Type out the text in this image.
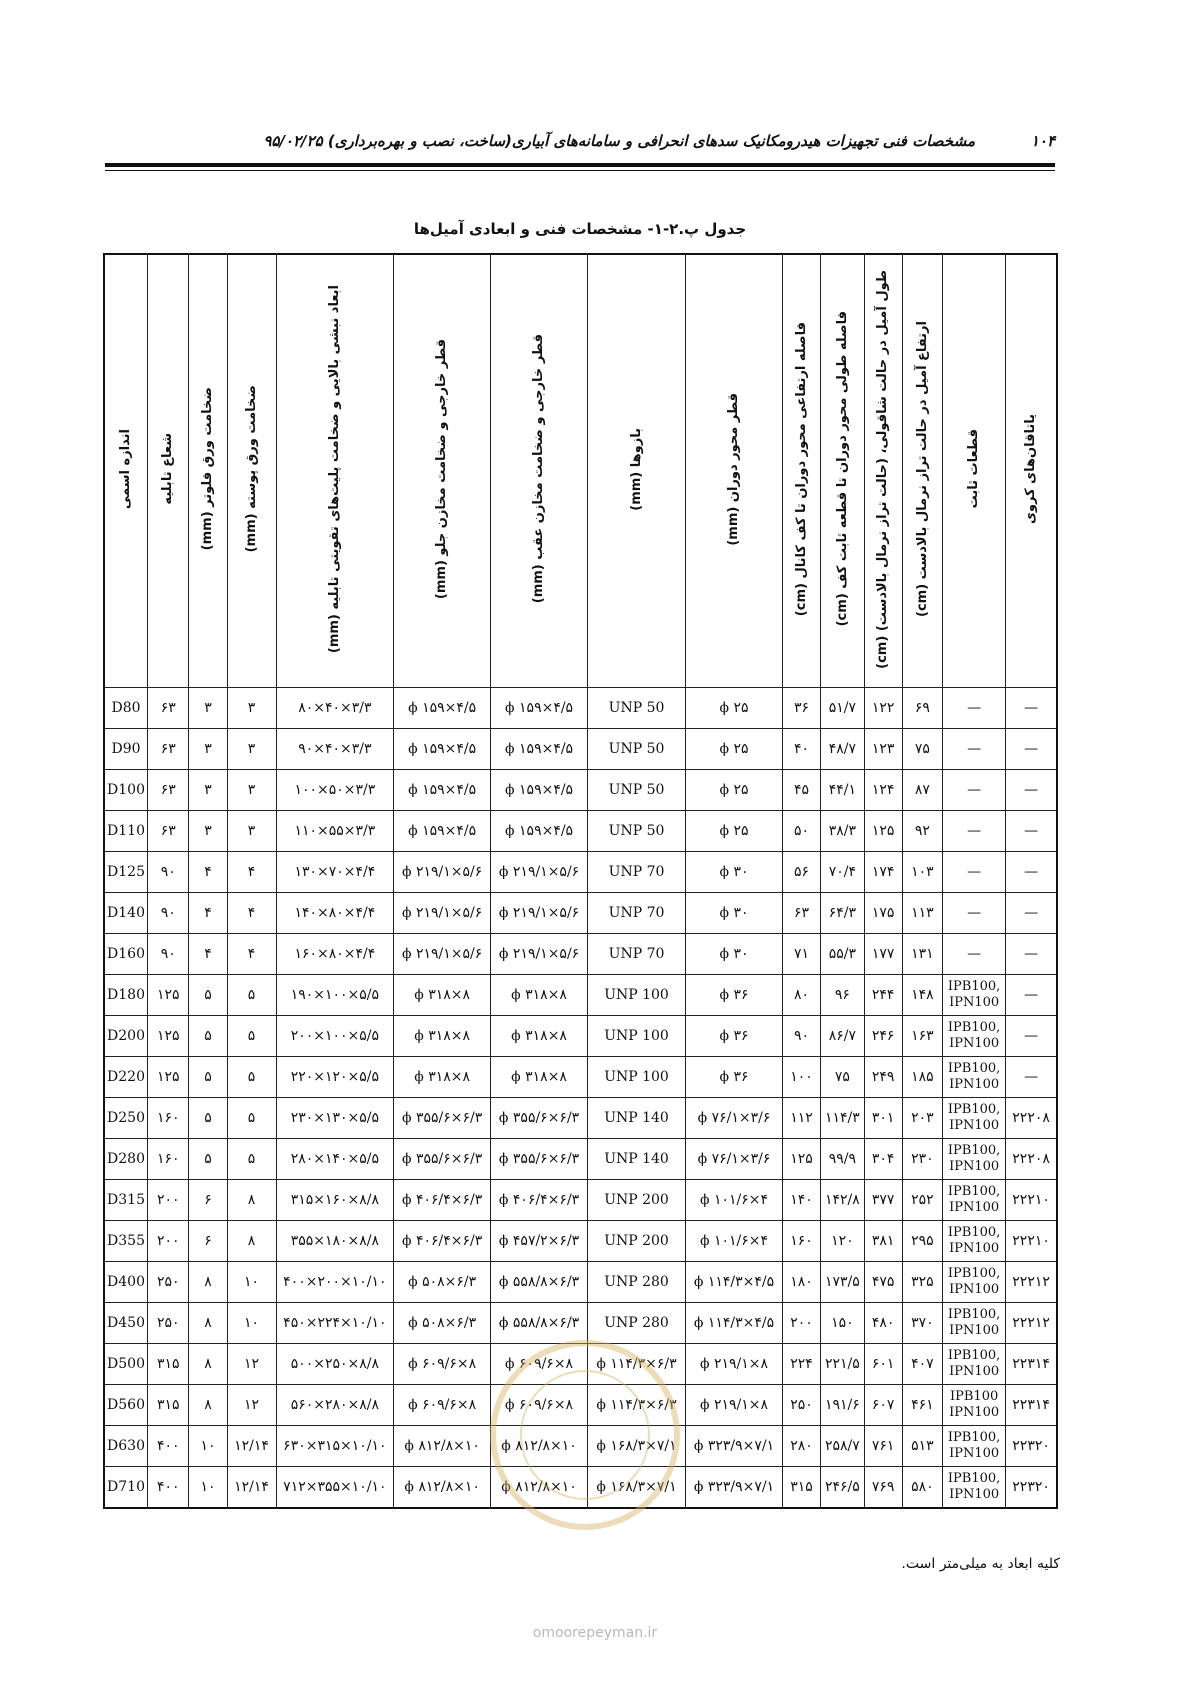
۱۰۴
مشخصات فنی تجهیزات هیدرومکانیک سدهای انحرافی و سامانه‌های آبیاری(ساخت، نصب و بهره‌برداری) ۹۵/۰۲/۲۵
جدول پ.۲-۱- مشخصات فنی و ابعادی آمیل‌ها
اندازه اسمی	شعاع تابلیه	ضخامت ورق فلوتر (mm)	ضخامت ورق پوسته (mm)	ابعاد نبشی بالایی و ضخامت پلیت‌های تقویتی تابلیه (mm)	قطر خارجی و ضخامت مخازن جلو (mm)	قطر خارجی و ضخامت مخازن عقب (mm)	بازوها (mm)	قطر محور دوران (mm)	فاصله ارتفاعی محور دوران تا کف کانال (cm)	فاصله طولی محور دوران تا قطعه ثابت کف (cm)	طول آمیل در حالت شاقولی، (حالت تراز نرمال بالادست) (cm)	ارتفاع آمیل در حالت تراز نرمال بالادست (cm)	قطعات ثابت	یاتاقان‌های کروی
D80	۶۳	۳	۳	۸۰×۴۰×۳/۳	ϕ ۱۵۹×۴/۵	ϕ ۱۵۹×۴/۵	UNP 50	ϕ ۲۵	۳۶	۵۱/۷	۱۲۲	۶۹	—	—
D90	۶۳	۳	۳	۹۰×۴۰×۳/۳	ϕ ۱۵۹×۴/۵	ϕ ۱۵۹×۴/۵	UNP 50	ϕ ۲۵	۴۰	۴۸/۷	۱۲۳	۷۵	—	—
D100	۶۳	۳	۳	۱۰۰×۵۰×۳/۳	ϕ ۱۵۹×۴/۵	ϕ ۱۵۹×۴/۵	UNP 50	ϕ ۲۵	۴۵	۴۴/۱	۱۲۴	۸۷	—	—
D110	۶۳	۳	۳	۱۱۰×۵۵×۳/۳	ϕ ۱۵۹×۴/۵	ϕ ۱۵۹×۴/۵	UNP 50	ϕ ۲۵	۵۰	۳۸/۳	۱۲۵	۹۲	—	—
D125	۹۰	۴	۴	۱۳۰×۷۰×۴/۴	ϕ ۲۱۹/۱×۵/۶	ϕ ۲۱۹/۱×۵/۶	UNP 70	ϕ ۳۰	۵۶	۷۰/۴	۱۷۴	۱۰۳	—	—
D140	۹۰	۴	۴	۱۴۰×۸۰×۴/۴	ϕ ۲۱۹/۱×۵/۶	ϕ ۲۱۹/۱×۵/۶	UNP 70	ϕ ۳۰	۶۳	۶۴/۳	۱۷۵	۱۱۳	—	—
D160	۹۰	۴	۴	۱۶۰×۸۰×۴/۴	ϕ ۲۱۹/۱×۵/۶	ϕ ۲۱۹/۱×۵/۶	UNP 70	ϕ ۳۰	۷۱	۵۵/۳	۱۷۷	۱۳۱	—	—
D180	۱۲۵	۵	۵	۱۹۰×۱۰۰×۵/۵	ϕ ۳۱۸×۸	ϕ ۳۱۸×۸	UNP 100	ϕ ۳۶	۸۰	۹۶	۲۴۴	۱۴۸	IPB100, IPN100	—
D200	۱۲۵	۵	۵	۲۰۰×۱۰۰×۵/۵	ϕ ۳۱۸×۸	ϕ ۳۱۸×۸	UNP 100	ϕ ۳۶	۹۰	۸۶/۷	۲۴۶	۱۶۳	IPB100, IPN100	—
D220	۱۲۵	۵	۵	۲۲۰×۱۲۰×۵/۵	ϕ ۳۱۸×۸	ϕ ۳۱۸×۸	UNP 100	ϕ ۳۶	۱۰۰	۷۵	۲۴۹	۱۸۵	IPB100, IPN100	—
D250	۱۶۰	۵	۵	۲۳۰×۱۳۰×۵/۵	ϕ ۳۵۵/۶×۶/۳	ϕ ۳۵۵/۶×۶/۳	UNP 140	ϕ ۷۶/۱×۳/۶	۱۱۲	۱۱۴/۳	۳۰۱	۲۰۳	IPB100, IPN100	۲۲۲۰۸
D280	۱۶۰	۵	۵	۲۸۰×۱۴۰×۵/۵	ϕ ۳۵۵/۶×۶/۳	ϕ ۳۵۵/۶×۶/۳	UNP 140	ϕ ۷۶/۱×۳/۶	۱۲۵	۹۹/۹	۳۰۴	۲۳۰	IPB100, IPN100	۲۲۲۰۸
D315	۲۰۰	۶	۸	۳۱۵×۱۶۰×۸/۸	ϕ ۴۰۶/۴×۶/۳	ϕ ۴۰۶/۴×۶/۳	UNP 200	ϕ ۱۰۱/۶×۴	۱۴۰	۱۴۲/۸	۳۷۷	۲۵۲	IPB100, IPN100	۲۲۲۱۰
D355	۲۰۰	۶	۸	۳۵۵×۱۸۰×۸/۸	ϕ ۴۰۶/۴×۶/۳	ϕ ۴۵۷/۲×۶/۳	UNP 200	ϕ ۱۰۱/۶×۴	۱۶۰	۱۲۰	۳۸۱	۲۹۵	IPB100, IPN100	۲۲۲۱۰
D400	۲۵۰	۸	۱۰	۴۰۰×۲۰۰×۱۰/۱۰	ϕ ۵۰۸×۶/۳	ϕ ۵۵۸/۸×۶/۳	UNP 280	ϕ ۱۱۴/۳×۴/۵	۱۸۰	۱۷۳/۵	۴۷۵	۳۲۵	IPB100, IPN100	۲۲۲۱۲
D450	۲۵۰	۸	۱۰	۴۵۰×۲۲۴×۱۰/۱۰	ϕ ۵۰۸×۶/۳	ϕ ۵۵۸/۸×۶/۳	UNP 280	ϕ ۱۱۴/۳×۴/۵	۲۰۰	۱۵۰	۴۸۰	۳۷۰	IPB100, IPN100	۲۲۲۱۲
D500	۳۱۵	۸	۱۲	۵۰۰×۲۵۰×۸/۸	ϕ ۶۰۹/۶×۸	ϕ ۶۰۹/۶×۸	ϕ ۱۱۴/۳×۶/۳	ϕ ۲۱۹/۱×۸	۲۲۴	۲۲۱/۵	۶۰۱	۴۰۷	IPB100, IPN100	۲۲۳۱۴
D560	۳۱۵	۸	۱۲	۵۶۰×۲۸۰×۸/۸	ϕ ۶۰۹/۶×۸	ϕ ۶۰۹/۶×۸	ϕ ۱۱۴/۳×۶/۳	ϕ ۲۱۹/۱×۸	۲۵۰	۱۹۱/۶	۶۰۷	۴۶۱	IPB100 IPN100	۲۲۳۱۴
D630	۴۰۰	۱۰	۱۲/۱۴	۶۳۰×۳۱۵×۱۰/۱۰	ϕ ۸۱۲/۸×۱۰	ϕ ۸۱۲/۸×۱۰	ϕ ۱۶۸/۳×۷/۱	ϕ ۳۲۳/۹×۷/۱	۲۸۰	۲۵۸/۷	۷۶۱	۵۱۳	IPB100, IPN100	۲۲۳۲۰
D710	۴۰۰	۱۰	۱۲/۱۴	۷۱۲×۳۵۵×۱۰/۱۰	ϕ ۸۱۲/۸×۱۰	ϕ ۸۱۲/۸×۱۰	ϕ ۱۶۸/۳×۷/۱	ϕ ۳۲۳/۹×۷/۱	۳۱۵	۲۴۶/۵	۷۶۹	۵۸۰	IPB100, IPN100	۲۲۳۲۰
کلیه ابعاد به میلی‌متر است.
omoorepeyman.ir
